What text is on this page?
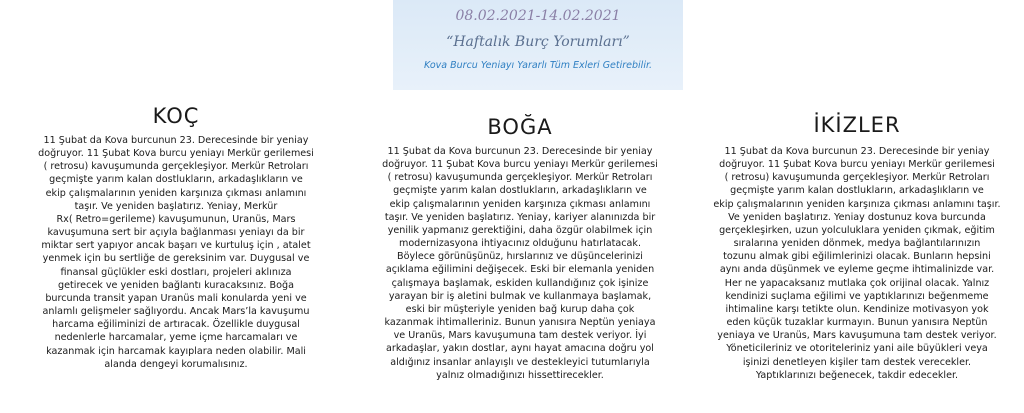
08.02.2021-14.02.2021
“Haftalık Burç Yorumları”
Kova Burcu Yeniayı Yararlı Tüm Exleri Getirebilir.
KOÇ
11 Şubat da Kova burcunun 23. Derecesinde bir yeniay
doğruyor. 11 Şubat Kova burcu yeniayı Merkür gerilemesi
( retrosu) kavuşumunda gerçekleşiyor. Merkür Retroları
geçmişte yarım kalan dostlukların, arkadaşlıkların ve
ekip çalışmalarının yeniden karşınıza çıkması anlamını
taşır. Ve yeniden başlatırız. Yeniay, Merkür
Rx( Retro=gerileme) kavuşumunun, Uranüs, Mars
kavuşumuna sert bir açıyla bağlanması yeniayı da bir
miktar sert yapıyor ancak başarı ve kurtuluş için , atalet
yenmek için bu sertliğe de gereksinim var. Duygusal ve
finansal güçlükler eski dostları, projeleri aklınıza
getirecek ve yeniden bağlantı kuracaksınız. Boğa
burcunda transit yapan Uranüs mali konularda yeni ve
anlamlı gelişmeler sağlıyordu. Ancak Mars’la kavuşumu
harcama eğiliminizi de artıracak. Özellikle duygusal
nedenlerle harcamalar, yeme içme harcamaları ve
kazanmak için harcamak kayıplara neden olabilir. Mali
alanda dengeyi korumalısınız.
BOĞA
11 Şubat da Kova burcunun 23. Derecesinde bir yeniay
doğruyor. 11 Şubat Kova burcu yeniayı Merkür gerilemesi
( retrosu) kavuşumunda gerçekleşiyor. Merkür Retroları
geçmişte yarım kalan dostlukların, arkadaşlıkların ve
ekip çalışmalarının yeniden karşınıza çıkması anlamını
taşır. Ve yeniden başlatırız. Yeniay, kariyer alanınızda bir
yenilik yapmanız gerektiğini, daha özgür olabilmek için
modernizasyona ihtiyacınız olduğunu hatırlatacak.
Böylece görünüşünüz, hırslarınız ve düşüncelerinizi
açıklama eğilimini değişecek. Eski bir elemanla yeniden
çalışmaya başlamak, eskiden kullandığınız çok işinize
yarayan bir iş aletini bulmak ve kullanmaya başlamak,
eski bir müşteriyle yeniden bağ kurup daha çok
kazanmak ihtimalleriniz. Bunun yanısıra Neptün yeniaya
ve Uranüs, Mars kavuşumuna tam destek veriyor. İyi
arkadaşlar, yakın dostlar, aynı hayat amacına doğru yol
aldığınız insanlar anlayışlı ve destekleyici tutumlarıyla
yalnız olmadığınızı hissettirecekler.
İKİZLER
11 Şubat da Kova burcunun 23. Derecesinde bir yeniay
doğruyor. 11 Şubat Kova burcu yeniayı Merkür gerilemesi
( retrosu) kavuşumunda gerçekleşiyor. Merkür Retroları
geçmişte yarım kalan dostlukların, arkadaşlıkların ve
ekip çalışmalarının yeniden karşınıza çıkması anlamını taşır.
Ve yeniden başlatırız. Yeniay dostunuz kova burcunda
gerçekleşirken, uzun yolculuklara yeniden çıkmak, eğitim
sıralarına yeniden dönmek, medya bağlantılarınızın
tozunu almak gibi eğilimlerinizi olacak. Bunların hepsini
aynı anda düşünmek ve eyleme geçme ihtimalinizde var.
Her ne yapacaksanız mutlaka çok orijinal olacak. Yalnız
kendinizi suçlama eğilimi ve yaptıklarınızı beğenmeme
ihtimaline karşı tetikte olun. Kendinize motivasyon yok
eden küçük tuzaklar kurmayın. Bunun yanısıra Neptün
yeniaya ve Uranüs, Mars kavuşumuna tam destek veriyor.
Yöneticileriniz ve otoriteleriniz yani aile büyükleri veya
işinizi denetleyen kişiler tam destek verecekler.
Yaptıklarınızı beğenecek, takdir edecekler.
